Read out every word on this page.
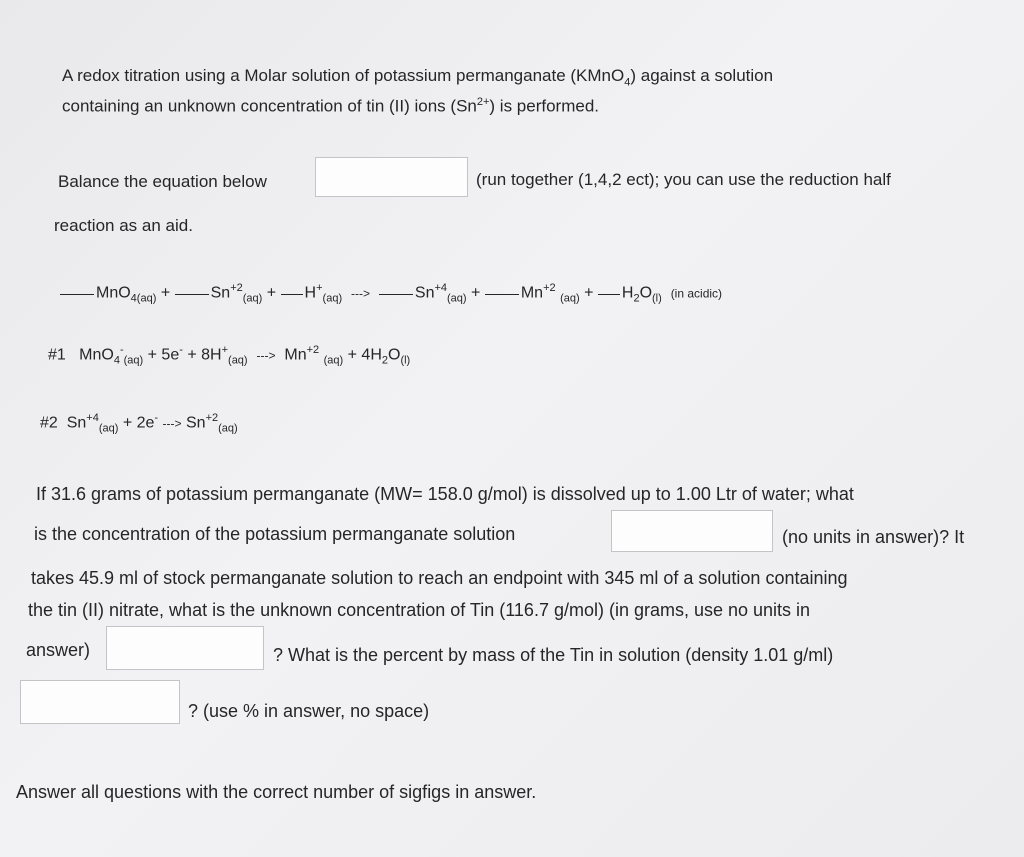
A redox titration using a Molar solution of potassium permanganate (KMnO$_4$) against a solution
containing an unknown concentration of tin (II) ions $(Sn^{2+})$ is performed.
Balance the equation below	(run together (1,4,2 ect); you can use the reduction half
reaction as an aid.
MnO$_{4(aq)}$ +	$Sn^{+2}_{(aq)} + H^+_{(aq)}$ --->	$Sn^{+4}_{(aq)}$ +	$Mn^{+2}$ $_{(aq)} + H_2O_{(l)}$ (in acidic)
#1 $MnO_4^-_{(aq)} + 5e^- + 8H^+_{(aq)}$ ---> $Mn^{+2}$ $_{(aq)} + 4H_2O_{(l)}$
#2 $Sn^{+4}_{(aq)} + 2e^-$ ---> $Sn^{+2}_{(aq)}$
If 31.6 grams of potassium permanganate (MW= 158.0 g/mol) is dissolved up to 1.00 Ltr of water; what
is the concentration of the potassium permanganate solution	(no units in answer)? It
takes 45.9 ml of stock permanganate solution to reach an endpoint with 345 ml of a solution containing
the tin (II) nitrate, what is the unknown concentration of Tin (116.7 g/mol) (in grams, use no units in
answer)	? What is the percent by mass of the Tin in solution (density 1.01 g/ml)
? (use % in answer, no space)
Answer all questions with the correct number of sigfigs in answer.
